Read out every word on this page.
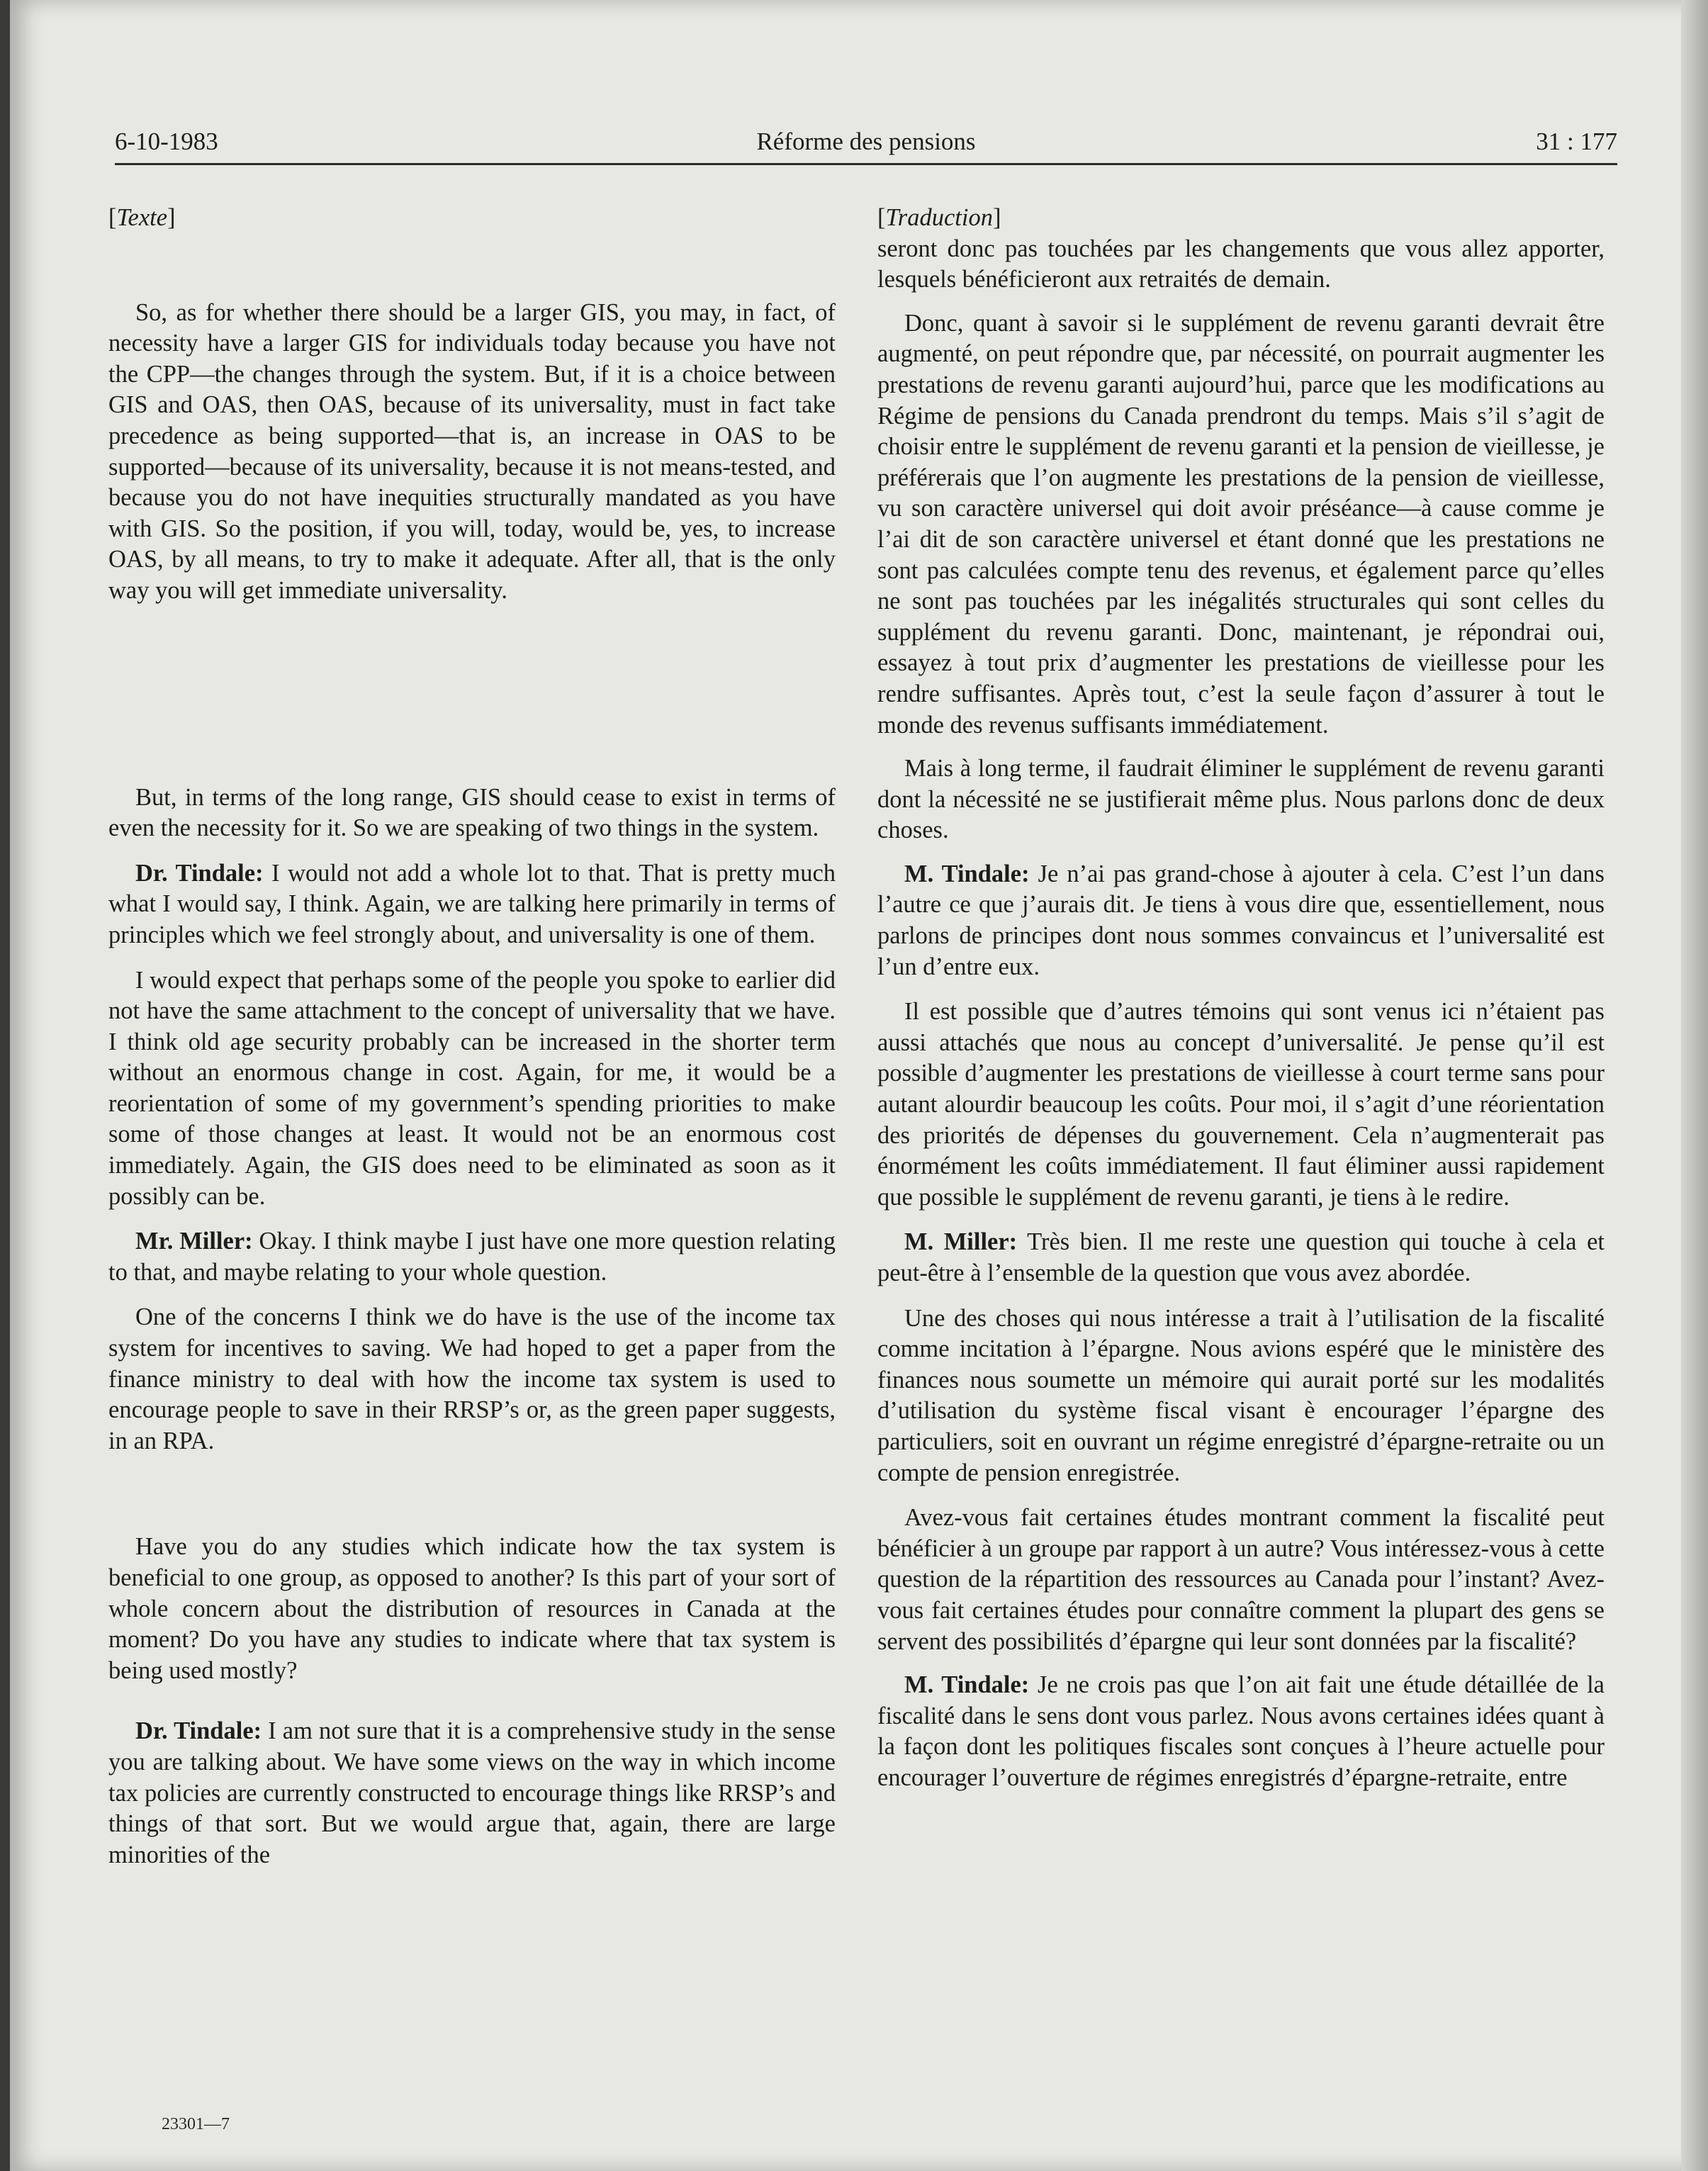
6-10-1983	Réforme des pensions	31 : 177

[Texte]

So, as for whether there should be a larger GIS, you may, in fact, of necessity have a larger GIS for individuals today because you have not the CPP—the changes through the system. But, if it is a choice between GIS and OAS, then OAS, because of its universality, must in fact take precedence as being supported—that is, an increase in OAS to be supported—because of its universality, because it is not means-tested, and because you do not have inequities structurally mandated as you have with GIS. So the position, if you will, today, would be, yes, to increase OAS, by all means, to try to make it adequate. After all, that is the only way you will get immediate universality.

But, in terms of the long range, GIS should cease to exist in terms of even the necessity for it. So we are speaking of two things in the system.

Dr. Tindale: I would not add a whole lot to that. That is pretty much what I would say, I think. Again, we are talking here primarily in terms of principles which we feel strongly about, and universality is one of them.

I would expect that perhaps some of the people you spoke to earlier did not have the same attachment to the concept of universality that we have. I think old age security probably can be increased in the shorter term without an enormous change in cost. Again, for me, it would be a reorientation of some of my government’s spending priorities to make some of those changes at least. It would not be an enormous cost immediately. Again, the GIS does need to be eliminated as soon as it possibly can be.

Mr. Miller: Okay. I think maybe I just have one more question relating to that, and maybe relating to your whole question.

One of the concerns I think we do have is the use of the income tax system for incentives to saving. We had hoped to get a paper from the finance ministry to deal with how the income tax system is used to encourage people to save in their RRSP’s or, as the green paper suggests, in an RPA.

Have you do any studies which indicate how the tax system is beneficial to one group, as opposed to another? Is this part of your sort of whole concern about the distribution of resources in Canada at the moment? Do you have any studies to indicate where that tax system is being used mostly?

Dr. Tindale: I am not sure that it is a comprehensive study in the sense you are talking about. We have some views on the way in which income tax policies are currently constructed to encourage things like RRSP’s and things of that sort. But we would argue that, again, there are large minorities of the

[Traduction]

seront donc pas touchées par les changements que vous allez apporter, lesquels bénéficieront aux retraités de demain.

Donc, quant à savoir si le supplément de revenu garanti devrait être augmenté, on peut répondre que, par nécessité, on pourrait augmenter les prestations de revenu garanti aujourd’hui, parce que les modifications au Régime de pensions du Canada prendront du temps. Mais s’il s’agit de choisir entre le supplément de revenu garanti et la pension de vieillesse, je préférerais que l’on augmente les prestations de la pension de vieillesse, vu son caractère universel qui doit avoir préséance—à cause comme je l’ai dit de son caractère universel et étant donné que les prestations ne sont pas calculées compte tenu des revenus, et également parce qu’elles ne sont pas touchées par les inégalités structurales qui sont celles du supplément du revenu garanti. Donc, maintenant, je répondrai oui, essayez à tout prix d’augmenter les prestations de vieillesse pour les rendre suffisantes. Après tout, c’est la seule façon d’assurer à tout le monde des revenus suffisants immédiatement.

Mais à long terme, il faudrait éliminer le supplément de revenu garanti dont la nécessité ne se justifierait même plus. Nous parlons donc de deux choses.

M. Tindale: Je n’ai pas grand-chose à ajouter à cela. C’est l’un dans l’autre ce que j’aurais dit. Je tiens à vous dire que, essentiellement, nous parlons de principes dont nous sommes convaincus et l’universalité est l’un d’entre eux.

Il est possible que d’autres témoins qui sont venus ici n’étaient pas aussi attachés que nous au concept d’universalité. Je pense qu’il est possible d’augmenter les prestations de vieillesse à court terme sans pour autant alourdir beaucoup les coûts. Pour moi, il s’agit d’une réorientation des priorités de dépenses du gouvernement. Cela n’augmenterait pas énormément les coûts immédiatement. Il faut éliminer aussi rapidement que possible le supplément de revenu garanti, je tiens à le redire.

M. Miller: Très bien. Il me reste une question qui touche à cela et peut-être à l’ensemble de la question que vous avez abordée.

Une des choses qui nous intéresse a trait à l’utilisation de la fiscalité comme incitation à l’épargne. Nous avions espéré que le ministère des finances nous soumette un mémoire qui aurait porté sur les modalités d’utilisation du système fiscal visant è encourager l’épargne des particuliers, soit en ouvrant un régime enregistré d’épargne-retraite ou un compte de pension enregistrée.

Avez-vous fait certaines études montrant comment la fiscalité peut bénéficier à un groupe par rapport à un autre? Vous intéressez-vous à cette question de la répartition des ressources au Canada pour l’instant? Avez-vous fait certaines études pour connaître comment la plupart des gens se servent des possibilités d’épargne qui leur sont données par la fiscalité?

M. Tindale: Je ne crois pas que l’on ait fait une étude détaillée de la fiscalité dans le sens dont vous parlez. Nous avons certaines idées quant à la façon dont les politiques fiscales sont conçues à l’heure actuelle pour encourager l’ouverture de régimes enregistrés d’épargne-retraite, entre

23301—7
